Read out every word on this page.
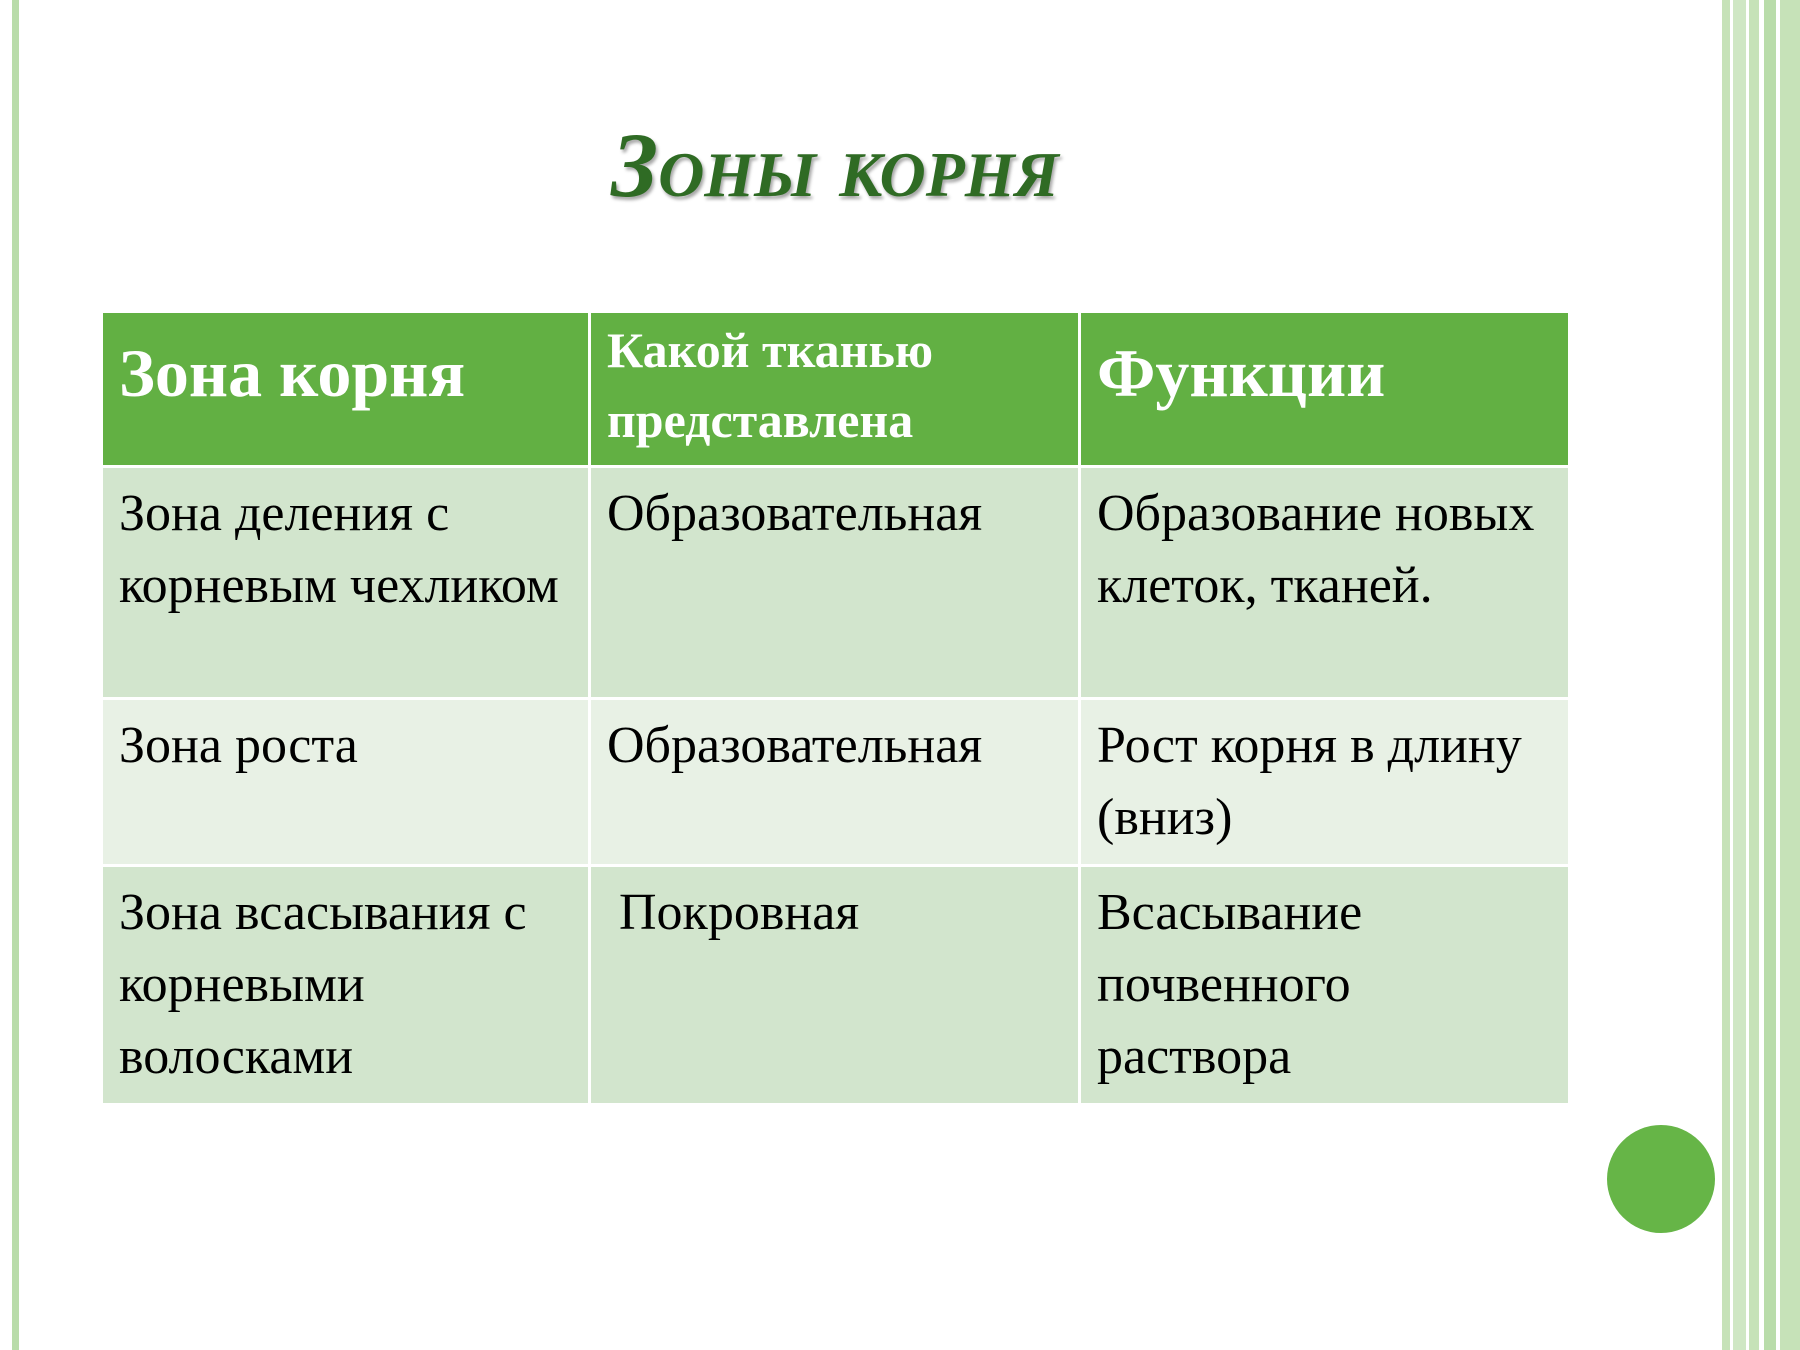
Зоны корня
Зона корня	Какой тканью представлена	Функции

Зона деления с корневым чехликом	Образовательная	Образование новых клеток, тканей.
Зона роста	Образовательная	Рост корня в длину (вниз)
Зона всасывания с корневыми волосками	Покровная	Всасывание почвенного раствора
